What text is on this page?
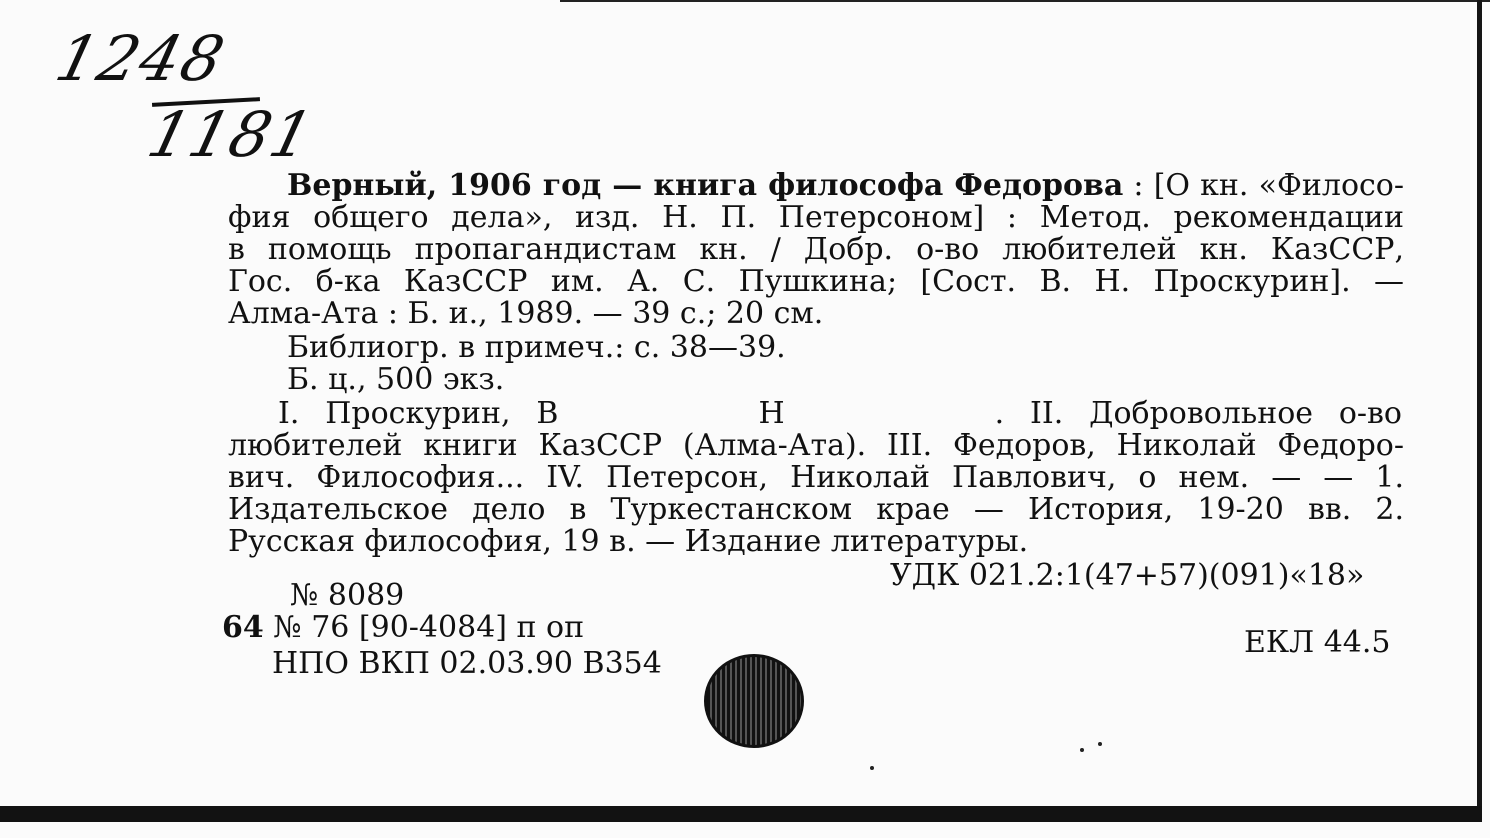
1248
1181
Верный, 1906 год — книга философа Федорова : [О кн. «Филосо-
фия общего дела», изд. Н. П. Петерсоном] : Метод. рекомендации
в помощь пропагандистам кн. / Добр. о-во любителей кн. КазССР,
Гос. б-ка КазССР им. А. С. Пушкина; [Сост. В. Н. Проскурин]. —
Алма-Ата : Б. и., 1989. — 39 с.; 20 см.
Библиогр. в примеч.: с. 38—39.
Б. ц., 500 экз.
I. Проскурин, В	Н	. II. Добровольное о-во
любителей книги КазССР (Алма-Ата). III. Федоров, Николай Федоро-
вич. Философия... IV. Петерсон, Николай Павлович, о нем. — — 1.
Издательское дело в Туркестанском крае — История, 19-20 вв. 2.
Русская философия, 19 в. — Издание литературы.
УДК 021.2:1(47+57)(091)«18»
№ 8089
64 № 76 [90-4084] п оп	ЕКЛ 44.5
НПО ВКП 02.03.90 В354
